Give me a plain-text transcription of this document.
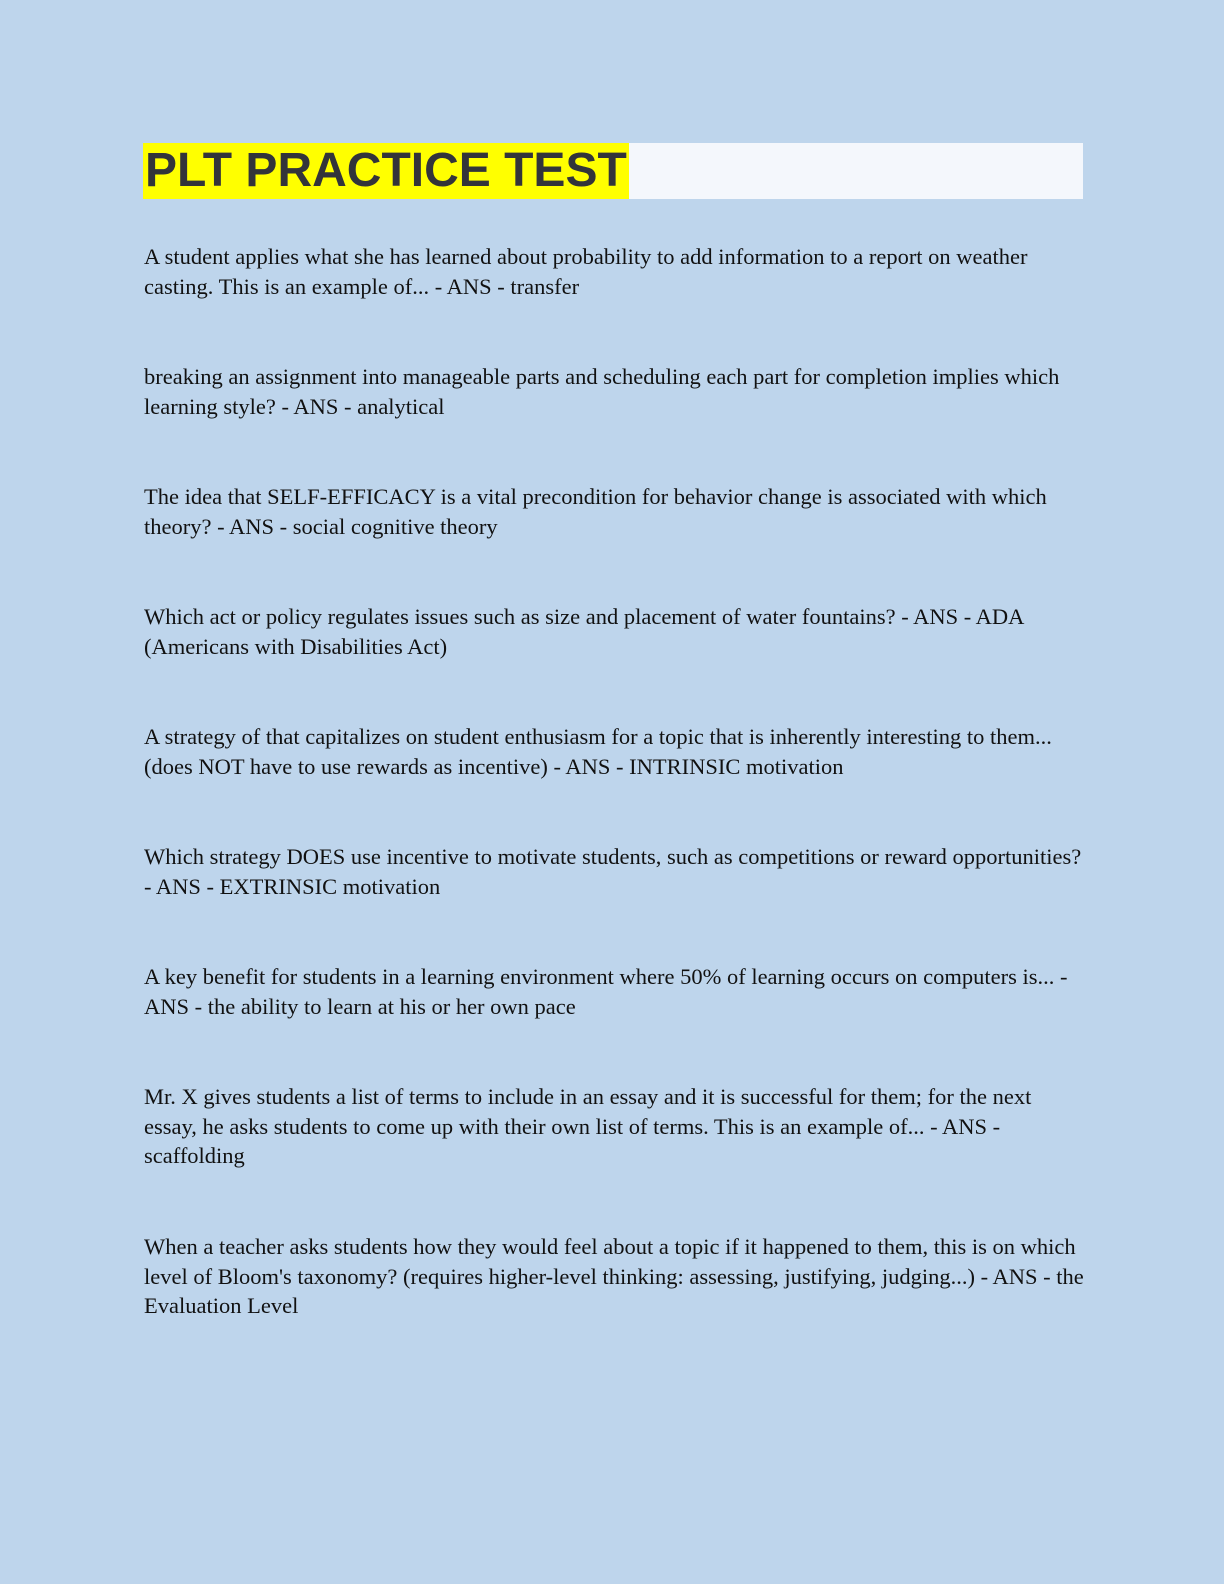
PLT PRACTICE TEST

A student applies what she has learned about probability to add information to a report on weather casting. This is an example of... - ANS - transfer

breaking an assignment into manageable parts and scheduling each part for completion implies which learning style? - ANS - analytical

The idea that SELF-EFFICACY is a vital precondition for behavior change is associated with which theory? - ANS - social cognitive theory

Which act or policy regulates issues such as size and placement of water fountains? - ANS - ADA (Americans with Disabilities Act)

A strategy of that capitalizes on student enthusiasm for a topic that is inherently interesting to them... (does NOT have to use rewards as incentive) - ANS - INTRINSIC motivation

Which strategy DOES use incentive to motivate students, such as competitions or reward opportunities? - ANS - EXTRINSIC motivation

A key benefit for students in a learning environment where 50% of learning occurs on computers is... - ANS - the ability to learn at his or her own pace

Mr. X gives students a list of terms to include in an essay and it is successful for them; for the next essay, he asks students to come up with their own list of terms. This is an example of... - ANS - scaffolding

When a teacher asks students how they would feel about a topic if it happened to them, this is on which level of Bloom's taxonomy? (requires higher-level thinking: assessing, justifying, judging...) - ANS - the Evaluation Level
